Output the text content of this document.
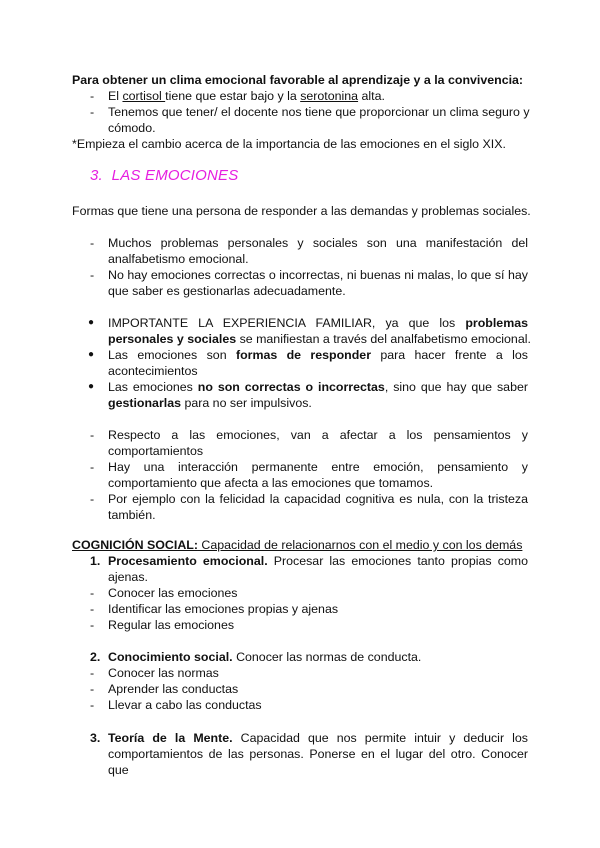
Para obtener un clima emocional favorable al aprendizaje y a la convivencia:
- El cortisol tiene que estar bajo y la serotonina alta.
- Tenemos que tener/ el docente nos tiene que proporcionar un clima seguro y
cómodo.
*Empieza el cambio acerca de la importancia de las emociones en el siglo XIX.
3. LAS EMOCIONES
Formas que tiene una persona de responder a las demandas y problemas sociales.
- Muchos problemas personales y sociales son una manifestación del
analfabetismo emocional.
- No hay emociones correctas o incorrectas, ni buenas ni malas, lo que sí hay
que saber es gestionarlas adecuadamente.
● IMPORTANTE LA EXPERIENCIA FAMILIAR, ya que los problemas
personales y sociales se manifiestan a través del analfabetismo emocional.
● Las emociones son formas de responder para hacer frente a los
acontecimientos
● Las emociones no son correctas o incorrectas, sino que hay que saber
gestionarlas para no ser impulsivos.
- Respecto a las emociones, van a afectar a los pensamientos y
comportamientos
- Hay una interacción permanente entre emoción, pensamiento y
comportamiento que afecta a las emociones que tomamos.
- Por ejemplo con la felicidad la capacidad cognitiva es nula, con la tristeza
también.
COGNICIÓN SOCIAL: Capacidad de relacionarnos con el medio y con los demás
1. Procesamiento emocional. Procesar las emociones tanto propias como
ajenas.
- Conocer las emociones
- Identificar las emociones propias y ajenas
- Regular las emociones
2. Conocimiento social. Conocer las normas de conducta.
- Conocer las normas
- Aprender las conductas
- Llevar a cabo las conductas
3. Teoría de la Mente. Capacidad que nos permite intuir y deducir los
comportamientos de las personas. Ponerse en el lugar del otro. Conocer que
